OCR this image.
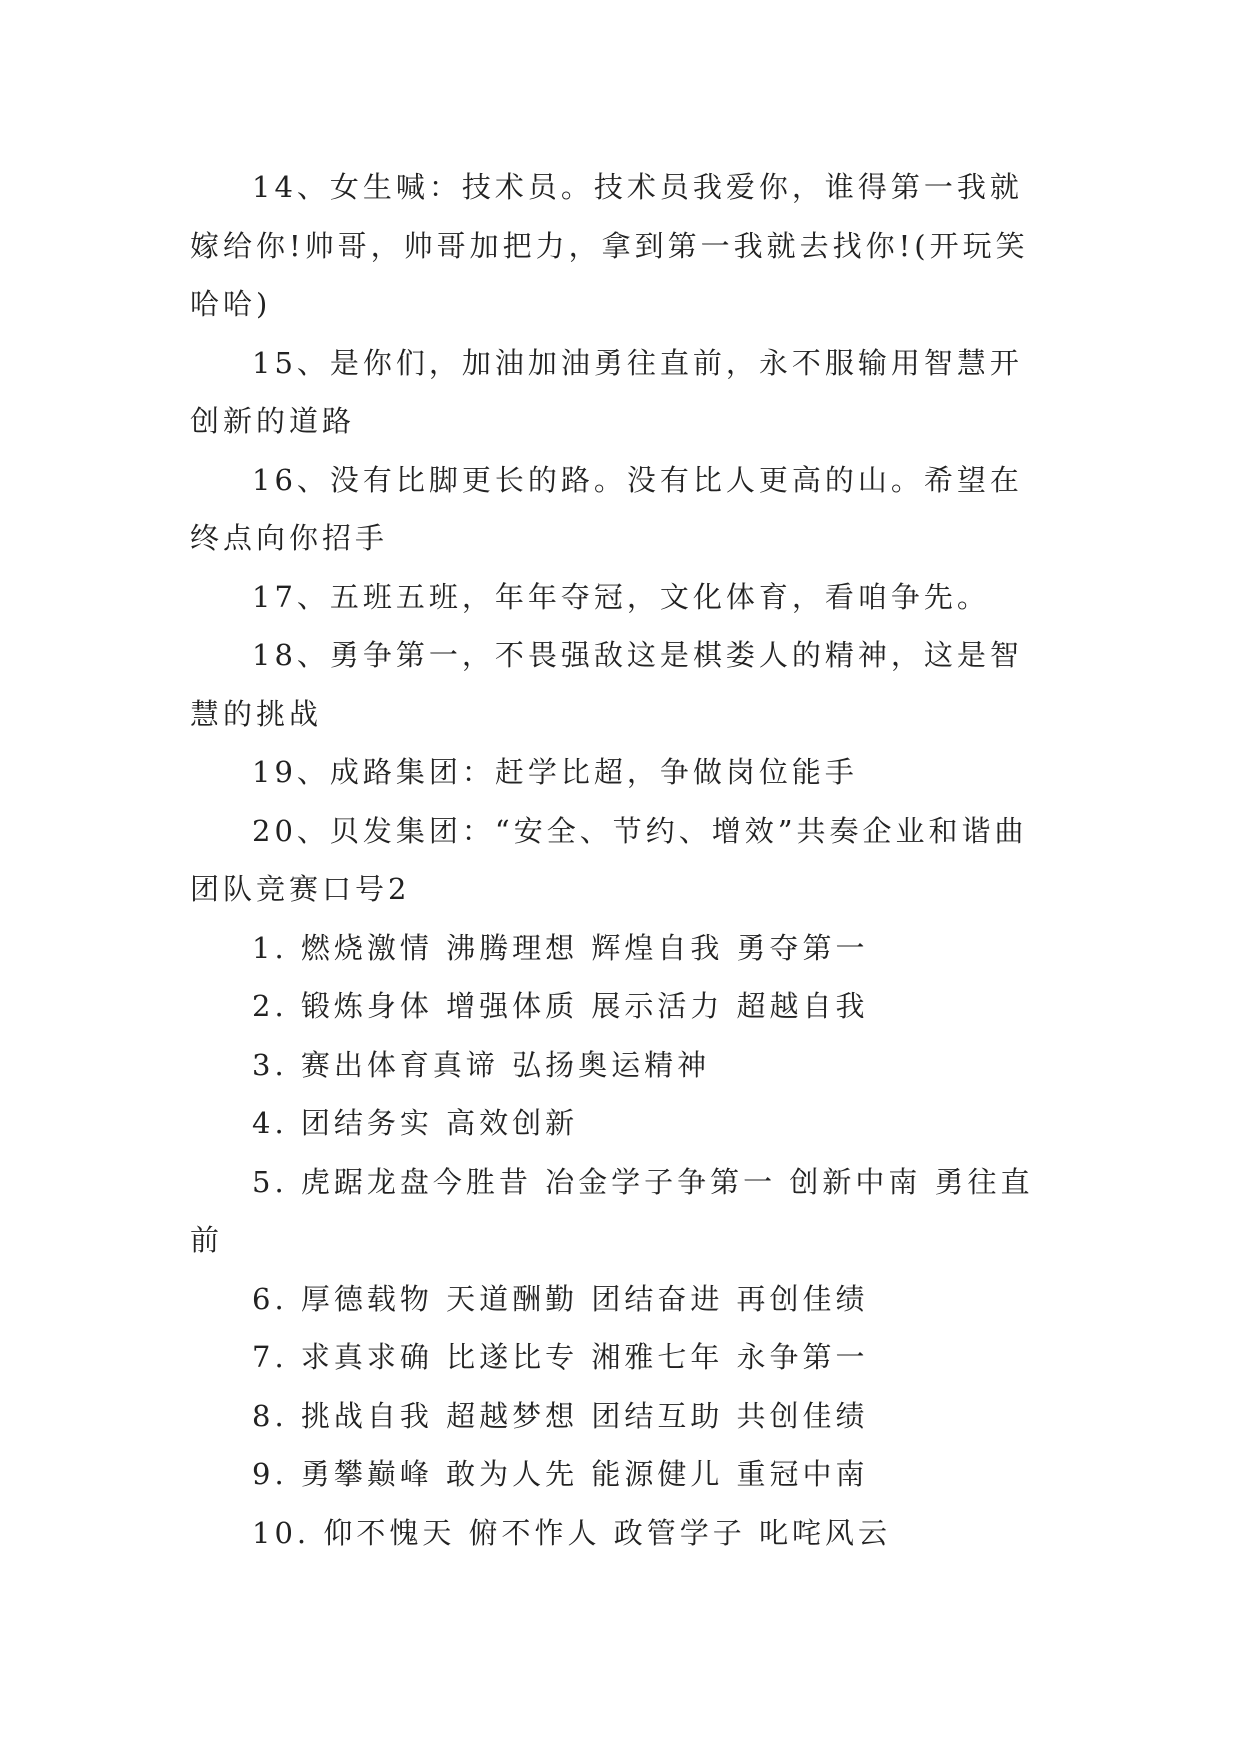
14、女生喊：技术员。技术员我爱你，谁得第一我就嫁给你!帅哥，帅哥加把力，拿到第一我就去找你!(开玩笑哈哈)

15、是你们，加油加油勇往直前，永不服输用智慧开创新的道路

16、没有比脚更长的路。没有比人更高的山。希望在终点向你招手

17、五班五班，年年夺冠，文化体育，看咱争先。

18、勇争第一，不畏强敌这是棋娄人的精神，这是智慧的挑战

19、成路集团：赶学比超，争做岗位能手

20、贝发集团：“安全、节约、增效”共奏企业和谐曲

团队竞赛口号2

1. 燃烧激情 沸腾理想 辉煌自我 勇夺第一

2. 锻炼身体 增强体质 展示活力 超越自我

3. 赛出体育真谛 弘扬奥运精神

4. 团结务实 高效创新

5. 虎踞龙盘今胜昔 冶金学子争第一 创新中南 勇往直前

6. 厚德载物 天道酬勤 团结奋进 再创佳绩

7. 求真求确 比遂比专 湘雅七年 永争第一

8. 挑战自我 超越梦想 团结互助 共创佳绩

9. 勇攀巅峰 敢为人先 能源健儿 重冠中南

10. 仰不愧天 俯不怍人 政管学子 叱咤风云
